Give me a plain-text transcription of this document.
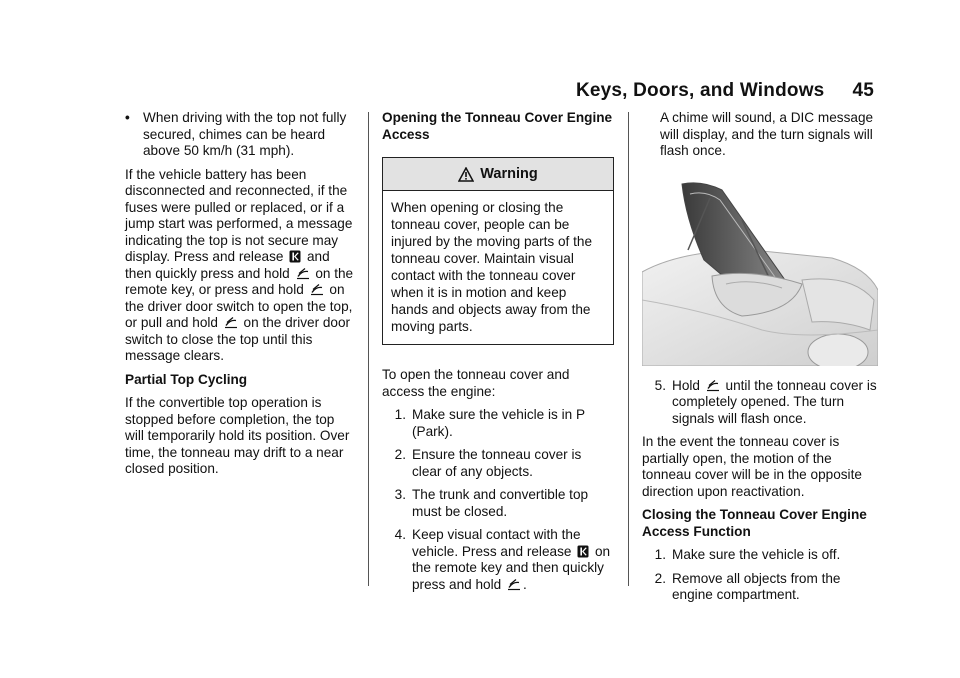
Keys, Doors, and Windows 45
• When driving with the top not fully secured, chimes can be heard above 50 km/h (31 mph).

If the vehicle battery has been disconnected and reconnected, if the fuses were pulled or replaced, or if a jump start was performed, a message indicating the top is not secure may display. Press and release and then quickly press and hold on the remote key, or press and hold on the driver door switch to open the top, or pull and hold on the driver door switch to close the top until this message clears.

Partial Top Cycling

If the convertible top operation is stopped before completion, the top will temporarily hold its position. Over time, the tonneau may drift to a near closed position.

Opening the Tonneau Cover Engine Access

Warning
When opening or closing the tonneau cover, people can be injured by the moving parts of the tonneau cover. Maintain visual contact with the tonneau cover when it is in motion and keep hands and objects away from the moving parts.

To open the tonneau cover and access the engine:

1. Make sure the vehicle is in P (Park).
2. Ensure the tonneau cover is clear of any objects.
3. The trunk and convertible top must be closed.
4. Keep visual contact with the vehicle. Press and release on the remote key and then quickly press and hold .

A chime will sound, a DIC message will display, and the turn signals will flash once.

5. Hold until the tonneau cover is completely opened. The turn signals will flash once.

In the event the tonneau cover is partially open, the motion of the tonneau cover will be in the opposite direction upon reactivation.

Closing the Tonneau Cover Engine Access Function

1. Make sure the vehicle is off.
2. Remove all objects from the engine compartment.
